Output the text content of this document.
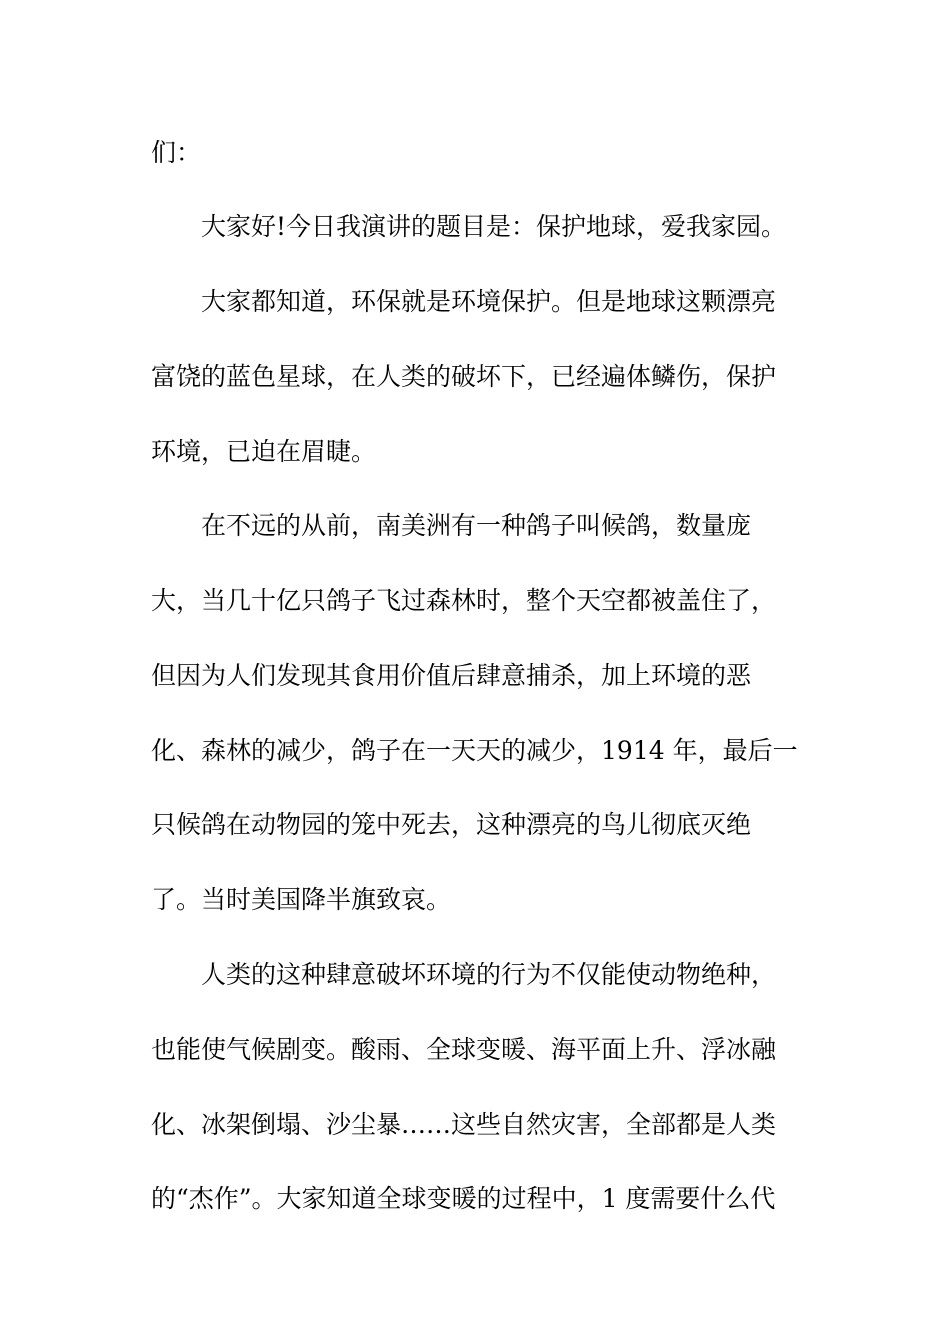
们：
大家好!今日我演讲的题目是：保护地球，爱我家园。
大家都知道，环保就是环境保护。但是地球这颗漂亮
富饶的蓝色星球，在人类的破坏下，已经遍体鳞伤，保护
环境，已迫在眉睫。
在不远的从前，南美洲有一种鸽子叫候鸽，数量庞
大，当几十亿只鸽子飞过森林时，整个天空都被盖住了，
但因为人们发现其食用价值后肆意捕杀，加上环境的恶
化、森林的减少，鸽子在一天天的减少，1914 年，最后一
只候鸽在动物园的笼中死去，这种漂亮的鸟儿彻底灭绝
了。当时美国降半旗致哀。
人类的这种肆意破坏环境的行为不仅能使动物绝种，
也能使气候剧变。酸雨、全球变暖、海平面上升、浮冰融
化、冰架倒塌、沙尘暴……这些自然灾害，全部都是人类
的“杰作”。大家知道全球变暖的过程中，1 度需要什么代
